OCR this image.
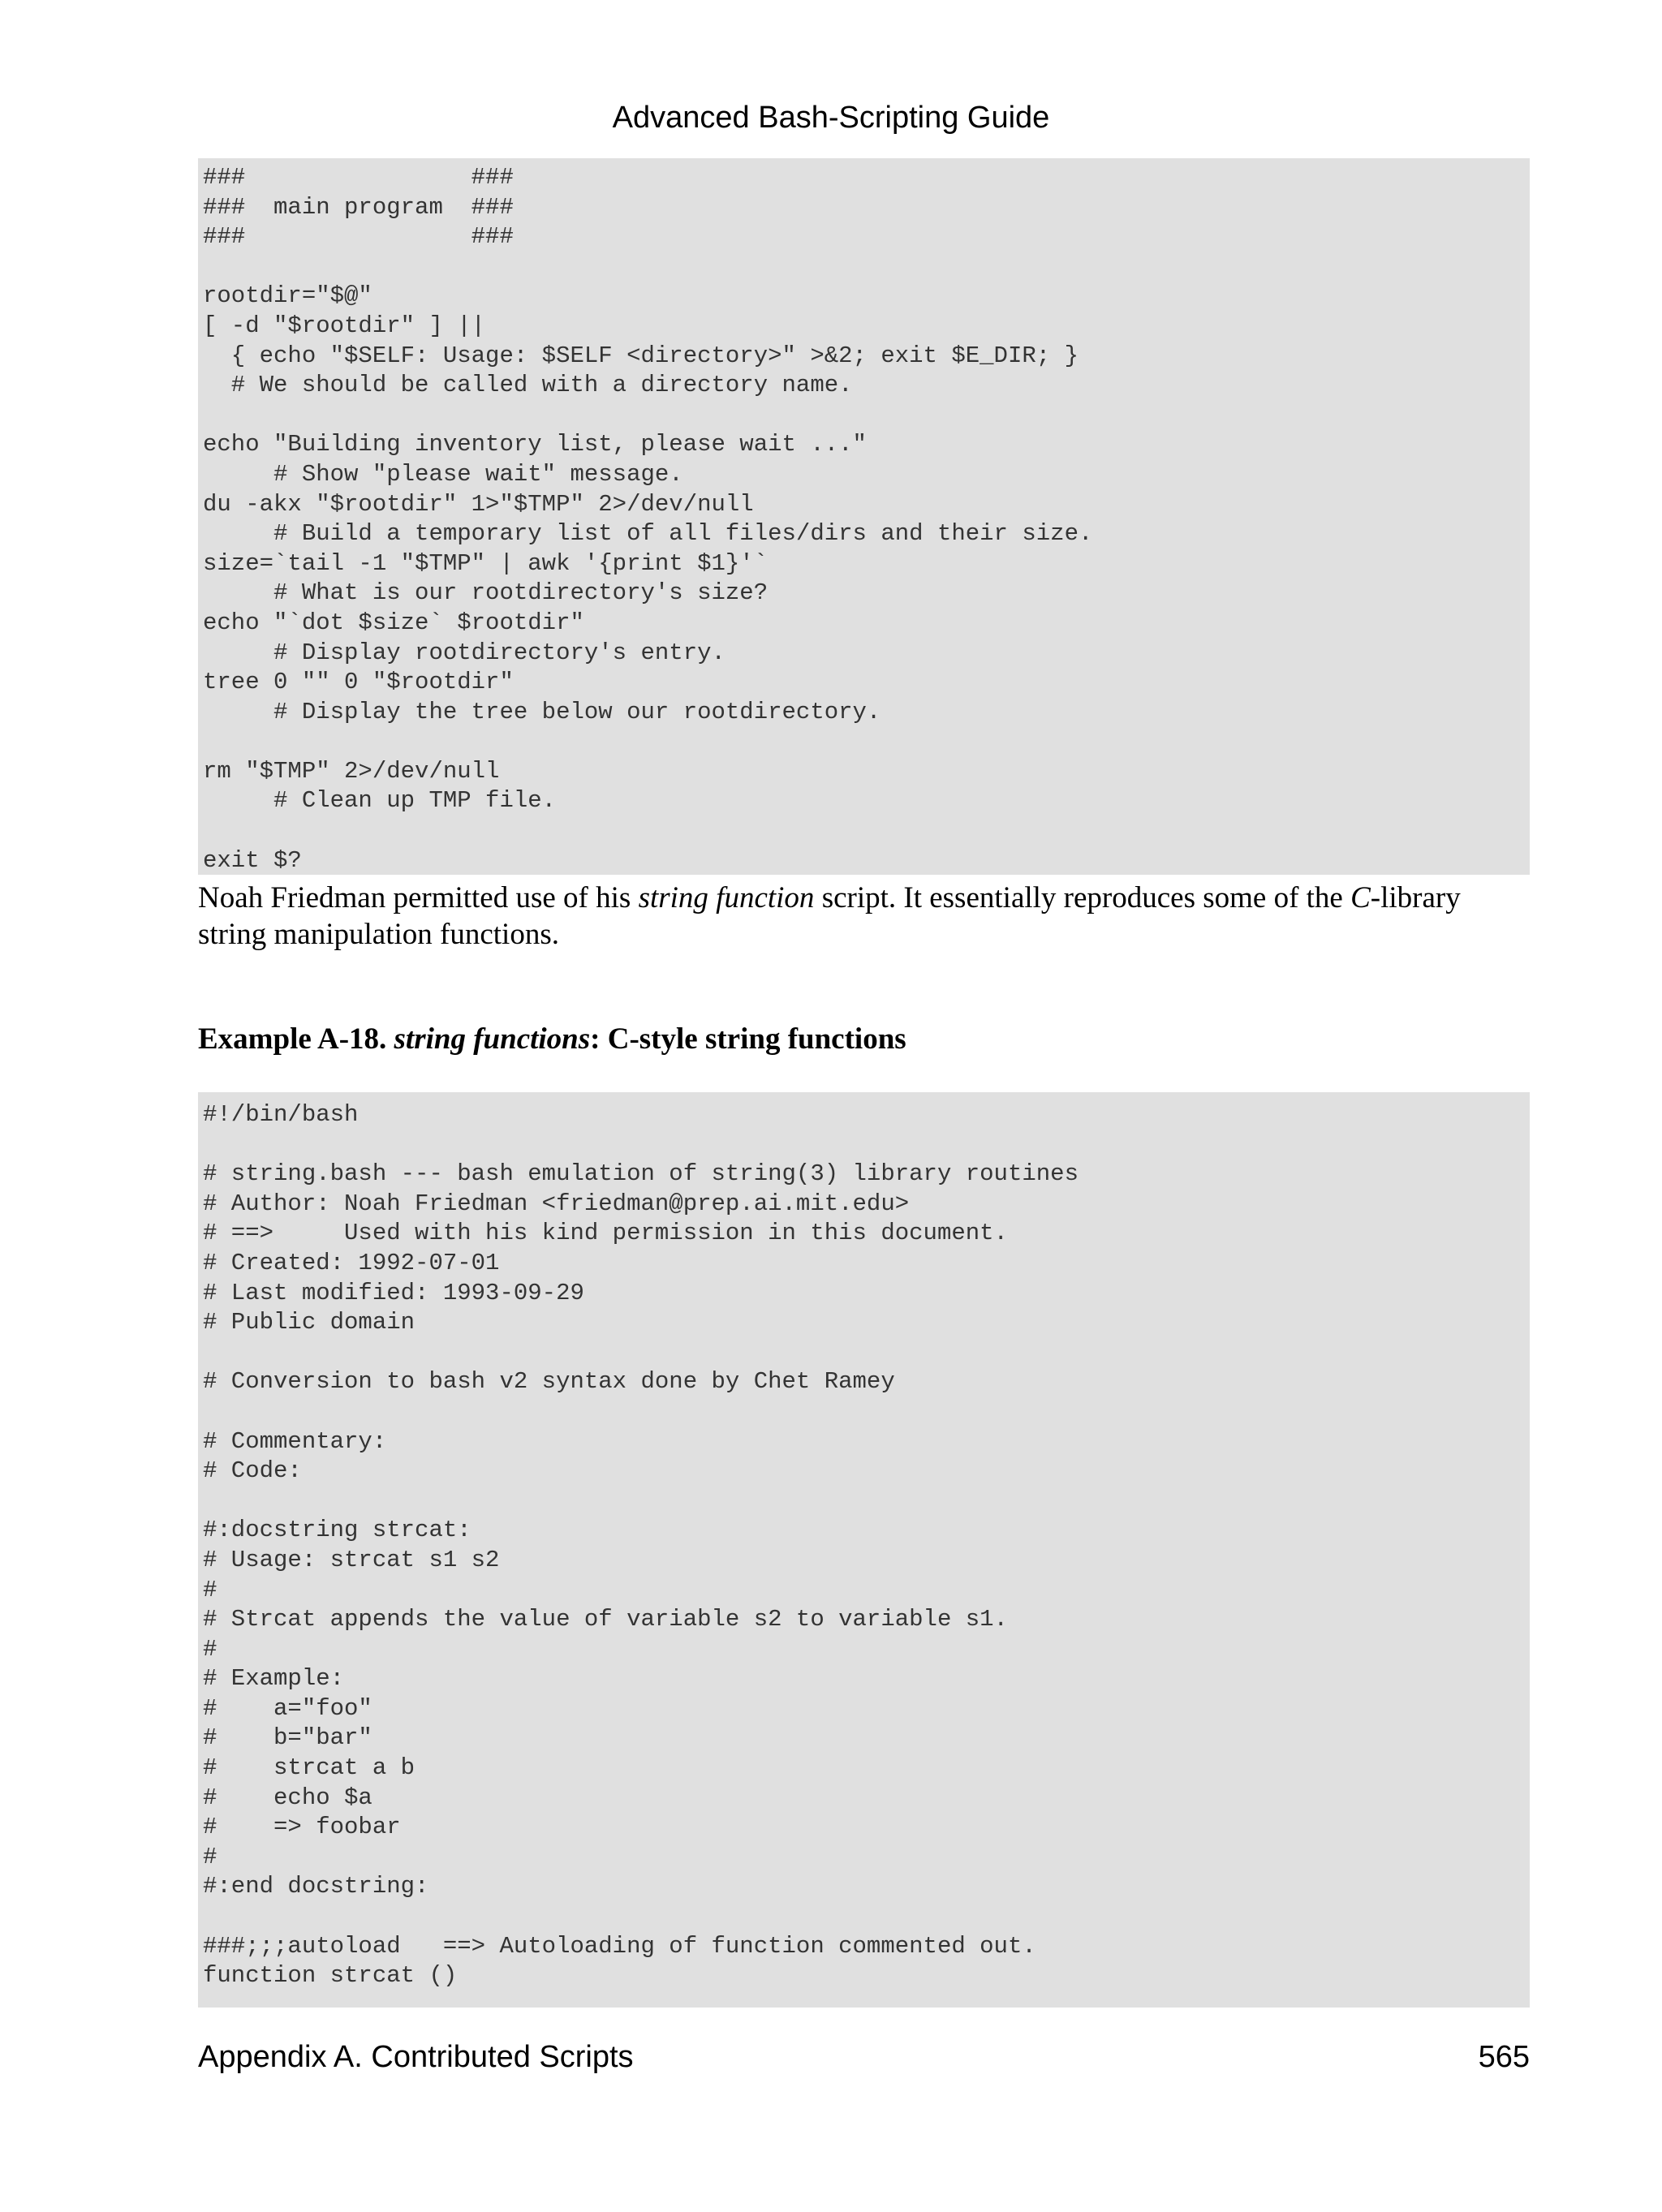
Advanced Bash-Scripting Guide
###                ###
###  main program  ###
###                ###
rootdir="$@"
[ -d "$rootdir" ] ||
{ echo "$SELF: Usage: $SELF <directory>" >&2; exit $E_DIR; }
# We should be called with a directory name.
echo "Building inventory list, please wait ..."
# Show "please wait" message.
du -akx "$rootdir" 1>"$TMP" 2>/dev/null
# Build a temporary list of all files/dirs and their size.
size=`tail -1 "$TMP" | awk '{print $1}'`
# What is our rootdirectory's size?
echo "`dot $size` $rootdir"
# Display rootdirectory's entry.
tree 0 "" 0 "$rootdir"
# Display the tree below our rootdirectory.
rm "$TMP" 2>/dev/null
# Clean up TMP file.
exit $?
Noah Friedman permitted use of his string function script. It essentially reproduces some of the C-library string manipulation functions.
Example A-18. string functions: C-style string functions
#!/bin/bash
# string.bash --- bash emulation of string(3) library routines
# Author: Noah Friedman <friedman@prep.ai.mit.edu>
# ==>     Used with his kind permission in this document.
# Created: 1992-07-01
# Last modified: 1993-09-29
# Public domain
# Conversion to bash v2 syntax done by Chet Ramey
# Commentary:
# Code:
#:docstring strcat:
# Usage: strcat s1 s2
#
# Strcat appends the value of variable s2 to variable s1.
#
# Example:
#    a="foo"
#    b="bar"
#    strcat a b
#    echo $a
#    => foobar
#
#:end docstring:
###;;;autoload   ==> Autoloading of function commented out.
function strcat ()
Appendix A. Contributed Scripts	565
